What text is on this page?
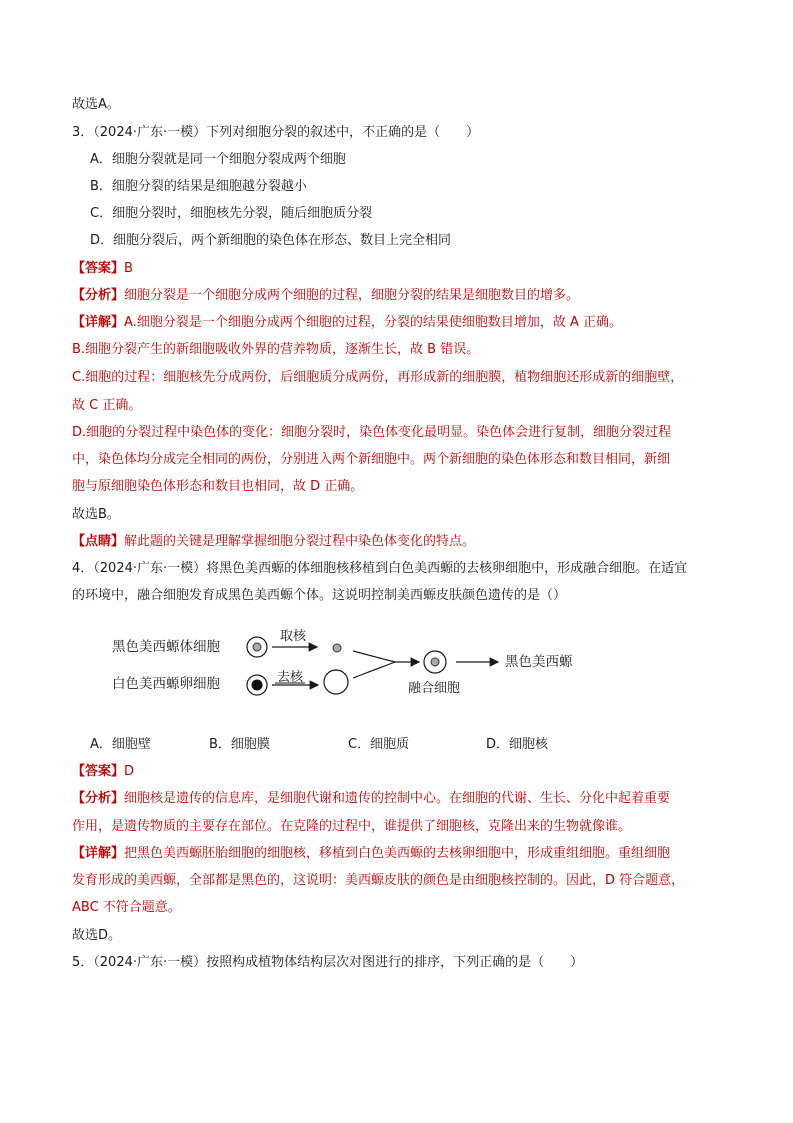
故选A。
3．（2024·广东·一模）下列对细胞分裂的叙述中，不正确的是（　　）
A．细胞分裂就是同一个细胞分裂成两个细胞
B．细胞分裂的结果是细胞越分裂越小
C．细胞分裂时，细胞核先分裂，随后细胞质分裂
D．细胞分裂后，两个新细胞的染色体在形态、数目上完全相同
【答案】B
【分析】细胞分裂是一个细胞分成两个细胞的过程，细胞分裂的结果是细胞数目的增多。
【详解】A.细胞分裂是一个细胞分成两个细胞的过程，分裂的结果使细胞数目增加，故 A 正确。
B.细胞分裂产生的新细胞吸收外界的营养物质，逐渐生长，故 B 错误。
C.细胞的过程：细胞核先分成两份，后细胞质分成两份，再形成新的细胞膜，植物细胞还形成新的细胞壁，
故 C 正确。
D.细胞的分裂过程中染色体的变化：细胞分裂时，染色体变化最明显。染色体会进行复制，细胞分裂过程
中，染色体均分成完全相同的两份，分别进入两个新细胞中。两个新细胞的染色体形态和数目相同，新细
胞与原细胞染色体形态和数目也相同，故 D 正确。
故选B。
【点睛】解此题的关键是理解掌握细胞分裂过程中染色体变化的特点。
4．（2024·广东·一模）将黑色美西螈的体细胞核移植到白色美西螈的去核卵细胞中，形成融合细胞。在适宜
的环境中，融合细胞发育成黑色美西螈个体。这说明控制美西螈皮肤颜色遗传的是（）
黑色美西螈体细胞
白色美西螈卵细胞
取核
去核
融合细胞
黑色美西螈
A．细胞壁	B．细胞膜	C．细胞质	D．细胞核
【答案】D
【分析】细胞核是遗传的信息库，是细胞代谢和遗传的控制中心。在细胞的代谢、生长、分化中起着重要
作用，是遗传物质的主要存在部位。在克隆的过程中，谁提供了细胞核，克隆出来的生物就像谁。
【详解】把黑色美西螈胚胎细胞的细胞核，移植到白色美西螈的去核卵细胞中，形成重组细胞。重组细胞
发育形成的美西螈，全部都是黑色的，这说明：美西螈皮肤的颜色是由细胞核控制的。因此，D 符合题意，
ABC 不符合题意。
故选D。
5．（2024·广东·一模）按照构成植物体结构层次对图进行的排序，下列正确的是（　　）
